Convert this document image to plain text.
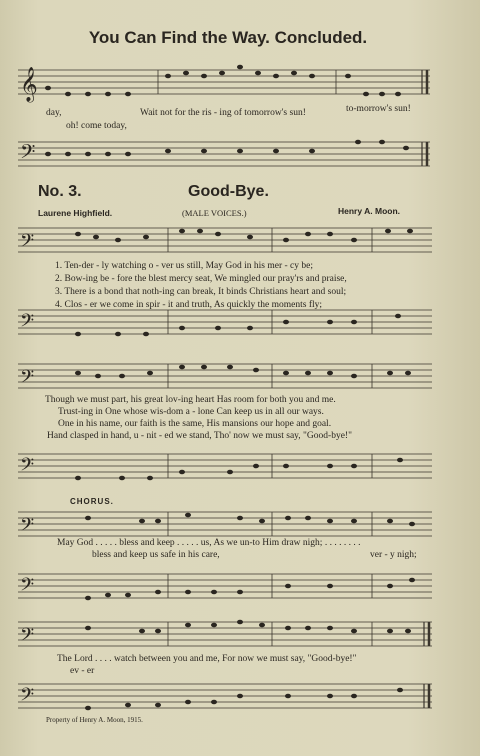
You Can Find the Way. Concluded.
𝄞
𝄢
day,	Wait not for the ris - ing of tomorrow's sun!	to-morrow's sun!
oh! come today,
No. 3.	Good-Bye.
Laurene Highfield.	(MALE VOICES.)	Henry A. Moon.
𝄢
𝄢
1. Ten-der - ly watching o - ver us still, May God in his mer - cy be;
2. Bow-ing be - fore the blest mercy seat, We mingled our pray'rs and praise,
3. There is a bond that noth-ing can break, It binds Christians heart and soul;
4. Clos - er we come in spir - it and truth, As quickly the moments fly;
𝄢
𝄢
Though we must part, his great lov-ing heart Has room for both you and me.
Trust-ing in One whose wis-dom a - lone Can keep us in all our ways.
One in his name, our faith is the same, His mansions our hope and goal.
Hand clasped in hand, u - nit - ed we stand, Tho' now we must say, "Good-bye!"
CHORUS.
𝄢
𝄢
May God . . . . . bless and keep . . . . . us, As we un-to Him draw nigh; . . . . . . . .
bless and keep us safe in his care,	ver - y nigh;
𝄢
𝄢
The Lord . . . . watch between you and me, For now we must say, "Good-bye!"
ev - er
Property of Henry A. Moon, 1915.
